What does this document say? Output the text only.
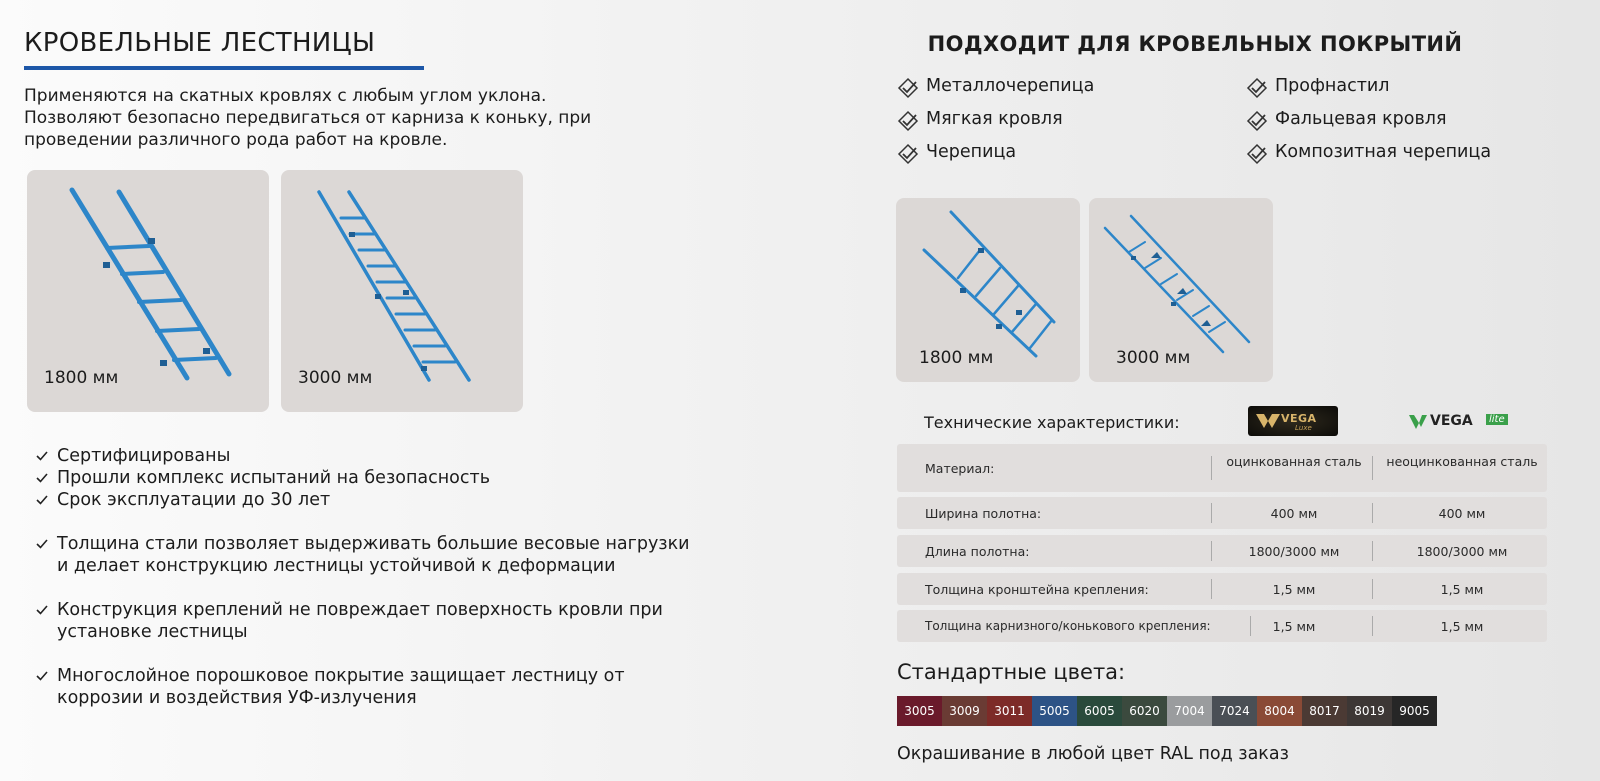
КРОВЕЛЬНЫЕ ЛЕСТНИЦЫ

Применяются на скатных кровлях с любым углом уклона.
Позволяют безопасно передвигаться от карниза к коньку, при
проведении различного рода работ на кровле.

1800 мм	3000 мм
Сертифицированы
Прошли комплекс испытаний на безопасность
Срок эксплуатации до 30 лет
Толщина стали позволяет выдерживать большие весовые нагрузки
и делает конструкцию лестницы устойчивой к деформации
Конструкция креплений не повреждает поверхность кровли при
установке лестницы
Многослойное порошковое покрытие защищает лестницу от
коррозии и воздействия УФ-излучения
ПОДХОДИТ ДЛЯ КРОВЕЛЬНЫХ ПОКРЫТИЙ
Металлочерепица	Профнастил
Мягкая кровля	Фальцевая кровля
Черепица	Композитная черепица
1800 мм	3000 мм
Технические характеристики:	VEGA
Luxe	VEGA	lite
Материал:	оцинкованная сталь	неоцинкованная сталь
Ширина полотна:	400 мм	400 мм
Длина полотна:	1800/3000 мм	1800/3000 мм
Толщина кронштейна крепления:	1,5 мм	1,5 мм
Толщина карнизного/конькового крепления:	1,5 мм	1,5 мм
Стандартные цвета:
3005	3009	3011	5005	6005	6020	7004	7024	8004	8017	8019	9005
Окрашивание в любой цвет RAL под заказ
